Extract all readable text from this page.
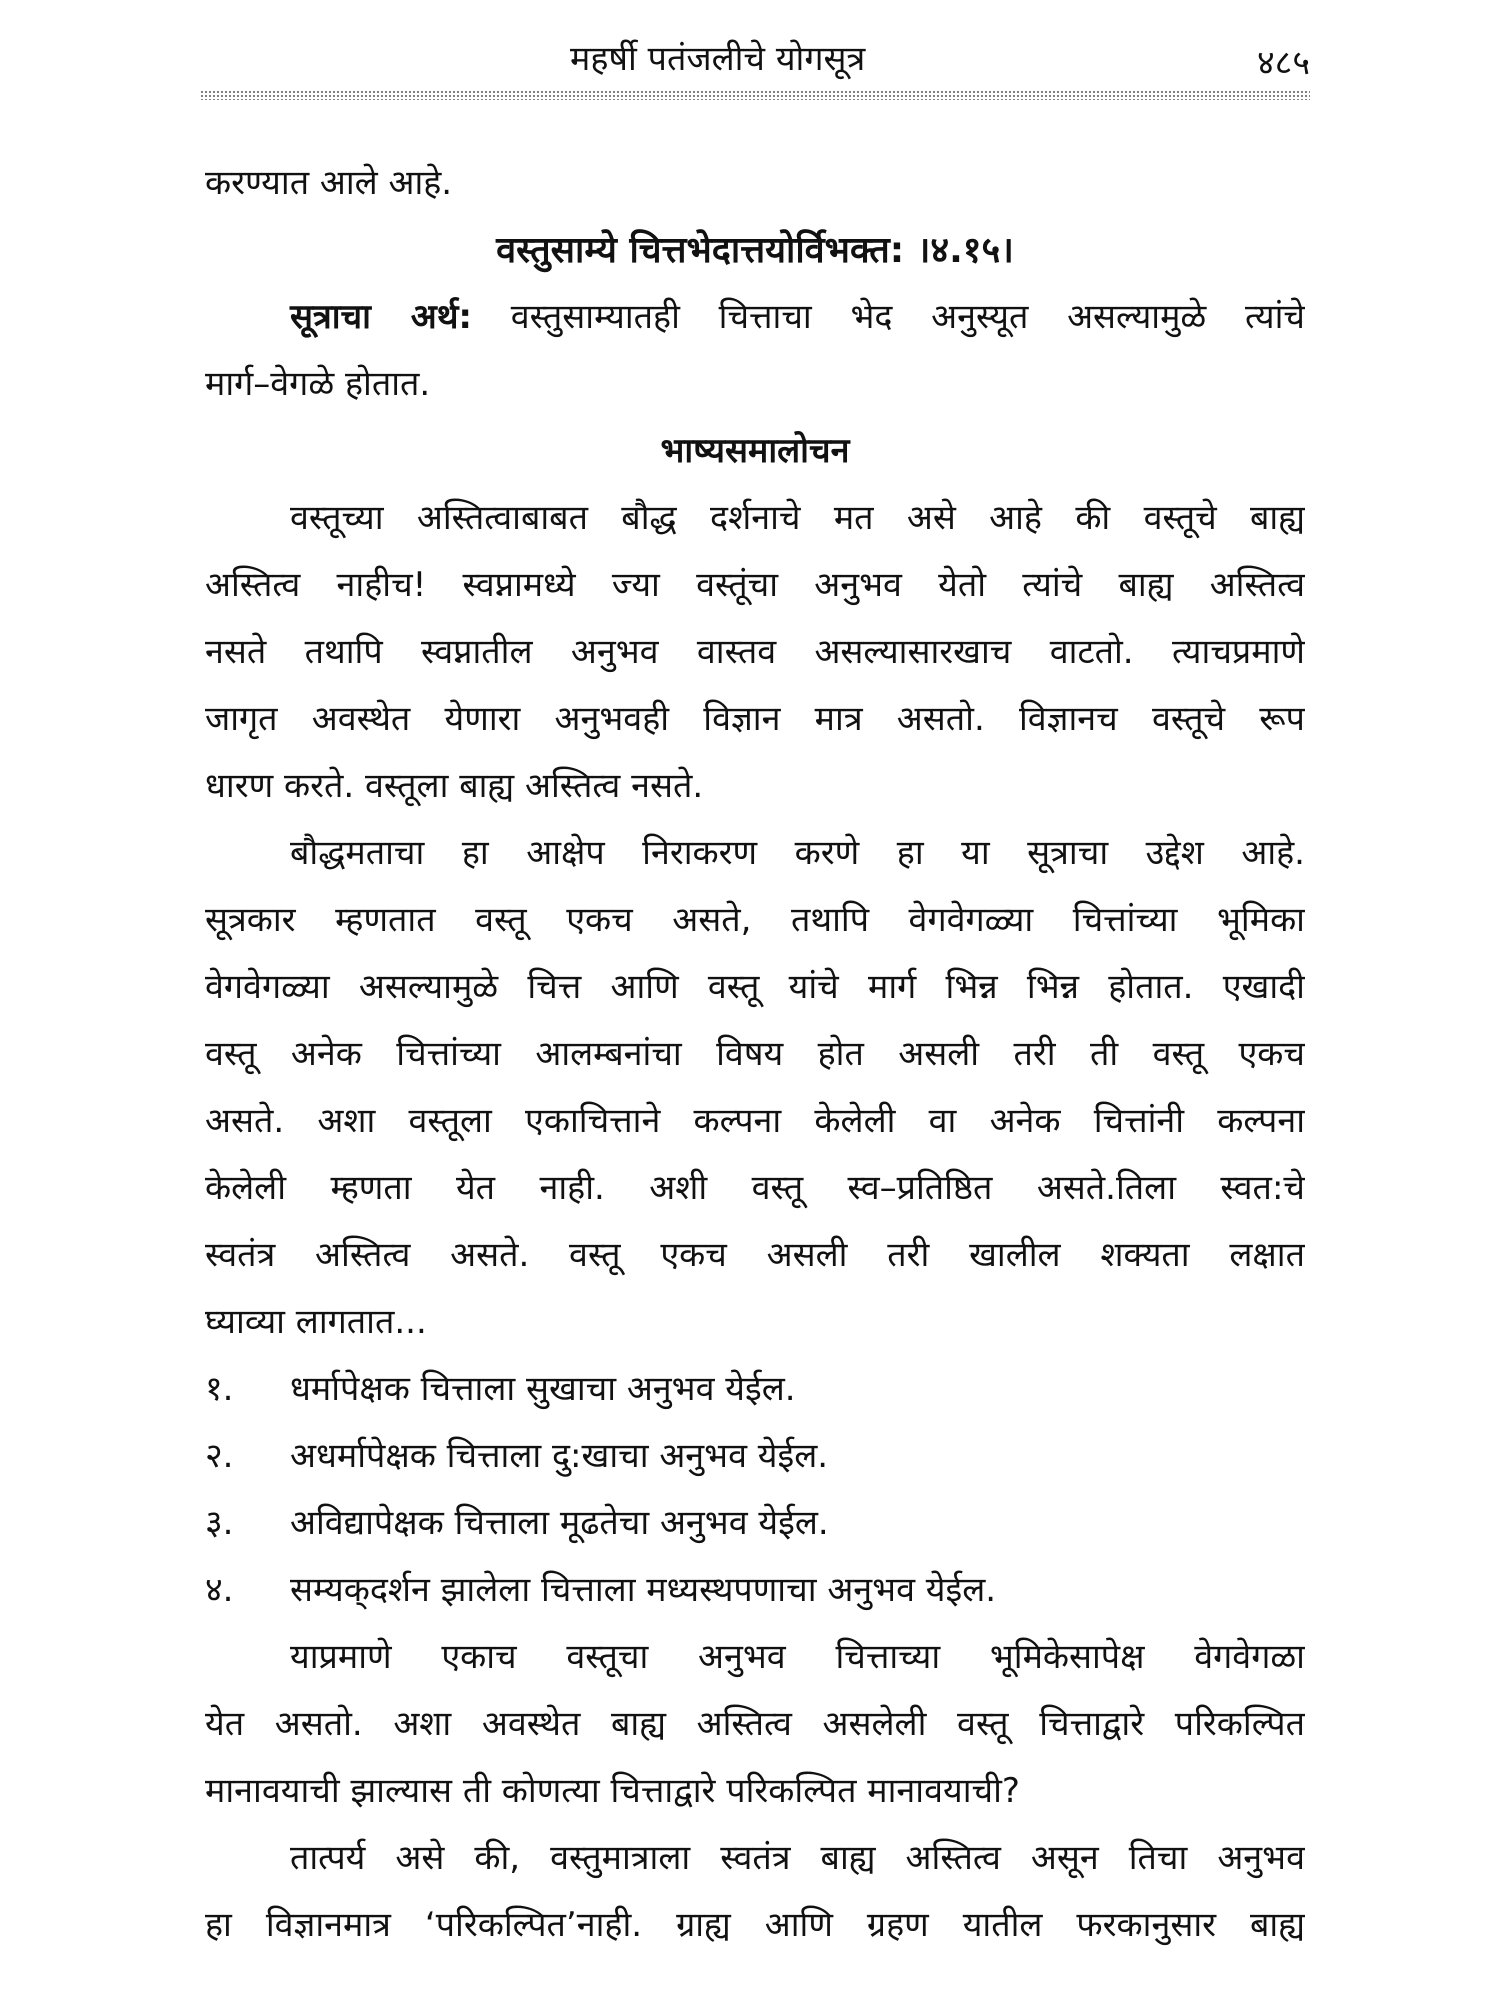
महर्षी पतंजलीचे योगसूत्र	४८५
करण्यात आले आहे.
वस्तुसाम्ये चित्तभेदात्तयोर्विभक्त: ।४.१५।
सूत्राचा अर्थ: वस्तुसाम्यातही चित्ताचा भेद अनुस्यूत असल्यामुळे त्यांचे
मार्ग–वेगळे होतात.
भाष्यसमालोचन
वस्तूच्या अस्तित्वाबाबत बौद्ध दर्शनाचे मत असे आहे की वस्तूचे बाह्य
अस्तित्व नाहीच! स्वप्नामध्ये ज्या वस्तूंचा अनुभव येतो त्यांचे बाह्य अस्तित्व
नसते तथापि स्वप्नातील अनुभव वास्तव असल्यासारखाच वाटतो. त्याचप्रमाणे
जागृत अवस्थेत येणारा अनुभवही विज्ञान मात्र असतो. विज्ञानच वस्तूचे रूप
धारण करते. वस्तूला बाह्य अस्तित्व नसते.
बौद्धमताचा हा आक्षेप निराकरण करणे हा या सूत्राचा उद्देश आहे.
सूत्रकार म्हणतात वस्तू एकच असते, तथापि वेगवेगळ्या चित्तांच्या भूमिका
वेगवेगळ्या असल्यामुळे चित्त आणि वस्तू यांचे मार्ग भिन्न भिन्न होतात. एखादी
वस्तू अनेक चित्तांच्या आलम्बनांचा विषय होत असली तरी ती वस्तू एकच
असते. अशा वस्तूला एकाचित्ताने कल्पना केलेली वा अनेक चित्तांनी कल्पना
केलेली म्हणता येत नाही. अशी वस्तू स्व–प्रतिष्ठित असते.तिला स्वत:चे
स्वतंत्र अस्तित्व असते. वस्तू एकच असली तरी खालील शक्यता लक्षात
घ्याव्या लागतात...
१.	धर्मापेक्षक चित्ताला सुखाचा अनुभव येईल.
२.	अधर्मापेक्षक चित्ताला दु:खाचा अनुभव येईल.
३.	अविद्यापेक्षक चित्ताला मूढतेचा अनुभव येईल.
४.	सम्यक्‌दर्शन झालेला चित्ताला मध्यस्थपणाचा अनुभव येईल.
याप्रमाणे एकाच वस्तूचा अनुभव चित्ताच्या भूमिकेसापेक्ष वेगवेगळा
येत असतो. अशा अवस्थेत बाह्य अस्तित्व असलेली वस्तू चित्ताद्वारे परिकल्पित
मानावयाची झाल्यास ती कोणत्या चित्ताद्वारे परिकल्पित मानावयाची?
तात्पर्य असे की, वस्तुमात्राला स्वतंत्र बाह्य अस्तित्व असून तिचा अनुभव
हा विज्ञानमात्र ‘परिकल्पित’नाही. ग्राह्य आणि ग्रहण यातील फरकानुसार बाह्य
